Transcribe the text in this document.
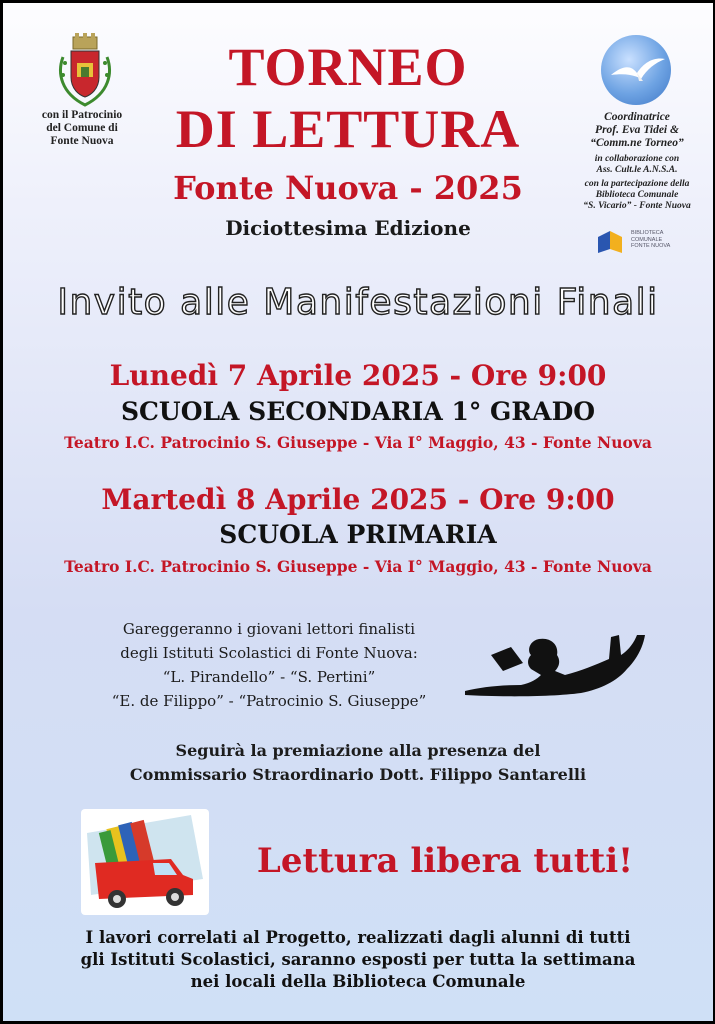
con il Patrocinio
del Comune di
Fonte Nuova
TORNEO
DI LETTURA
Fonte Nuova - 2025
Diciottesima Edizione
Coordinatrice
Prof. Eva Tidei &
“Comm.ne Torneo”
in collaborazione con
Ass. Cult.le A.N.S.A.
con la partecipazione della
Biblioteca Comunale
“S. Vicario” - Fonte Nuova
BIBLIOTECA
COMUNALE
FONTE NUOVA
Invito alle Manifestazioni Finali
Lunedì 7 Aprile 2025 - Ore 9:00
SCUOLA SECONDARIA 1° GRADO
Teatro I.C. Patrocinio S. Giuseppe - Via I° Maggio, 43 - Fonte Nuova
Martedì 8 Aprile 2025 - Ore 9:00
SCUOLA PRIMARIA
Teatro I.C. Patrocinio S. Giuseppe - Via I° Maggio, 43 - Fonte Nuova
Gareggeranno i giovani lettori finalisti
degli Istituti Scolastici di Fonte Nuova:
“L. Pirandello” - “S. Pertini”
“E. de Filippo” - “Patrocinio S. Giuseppe”
Seguirà la premiazione alla presenza del
Commissario Straordinario Dott. Filippo Santarelli
Lettura libera tutti!
I lavori correlati al Progetto, realizzati dagli alunni di tutti
gli Istituti Scolastici, saranno esposti per tutta la settimana
nei locali della Biblioteca Comunale
